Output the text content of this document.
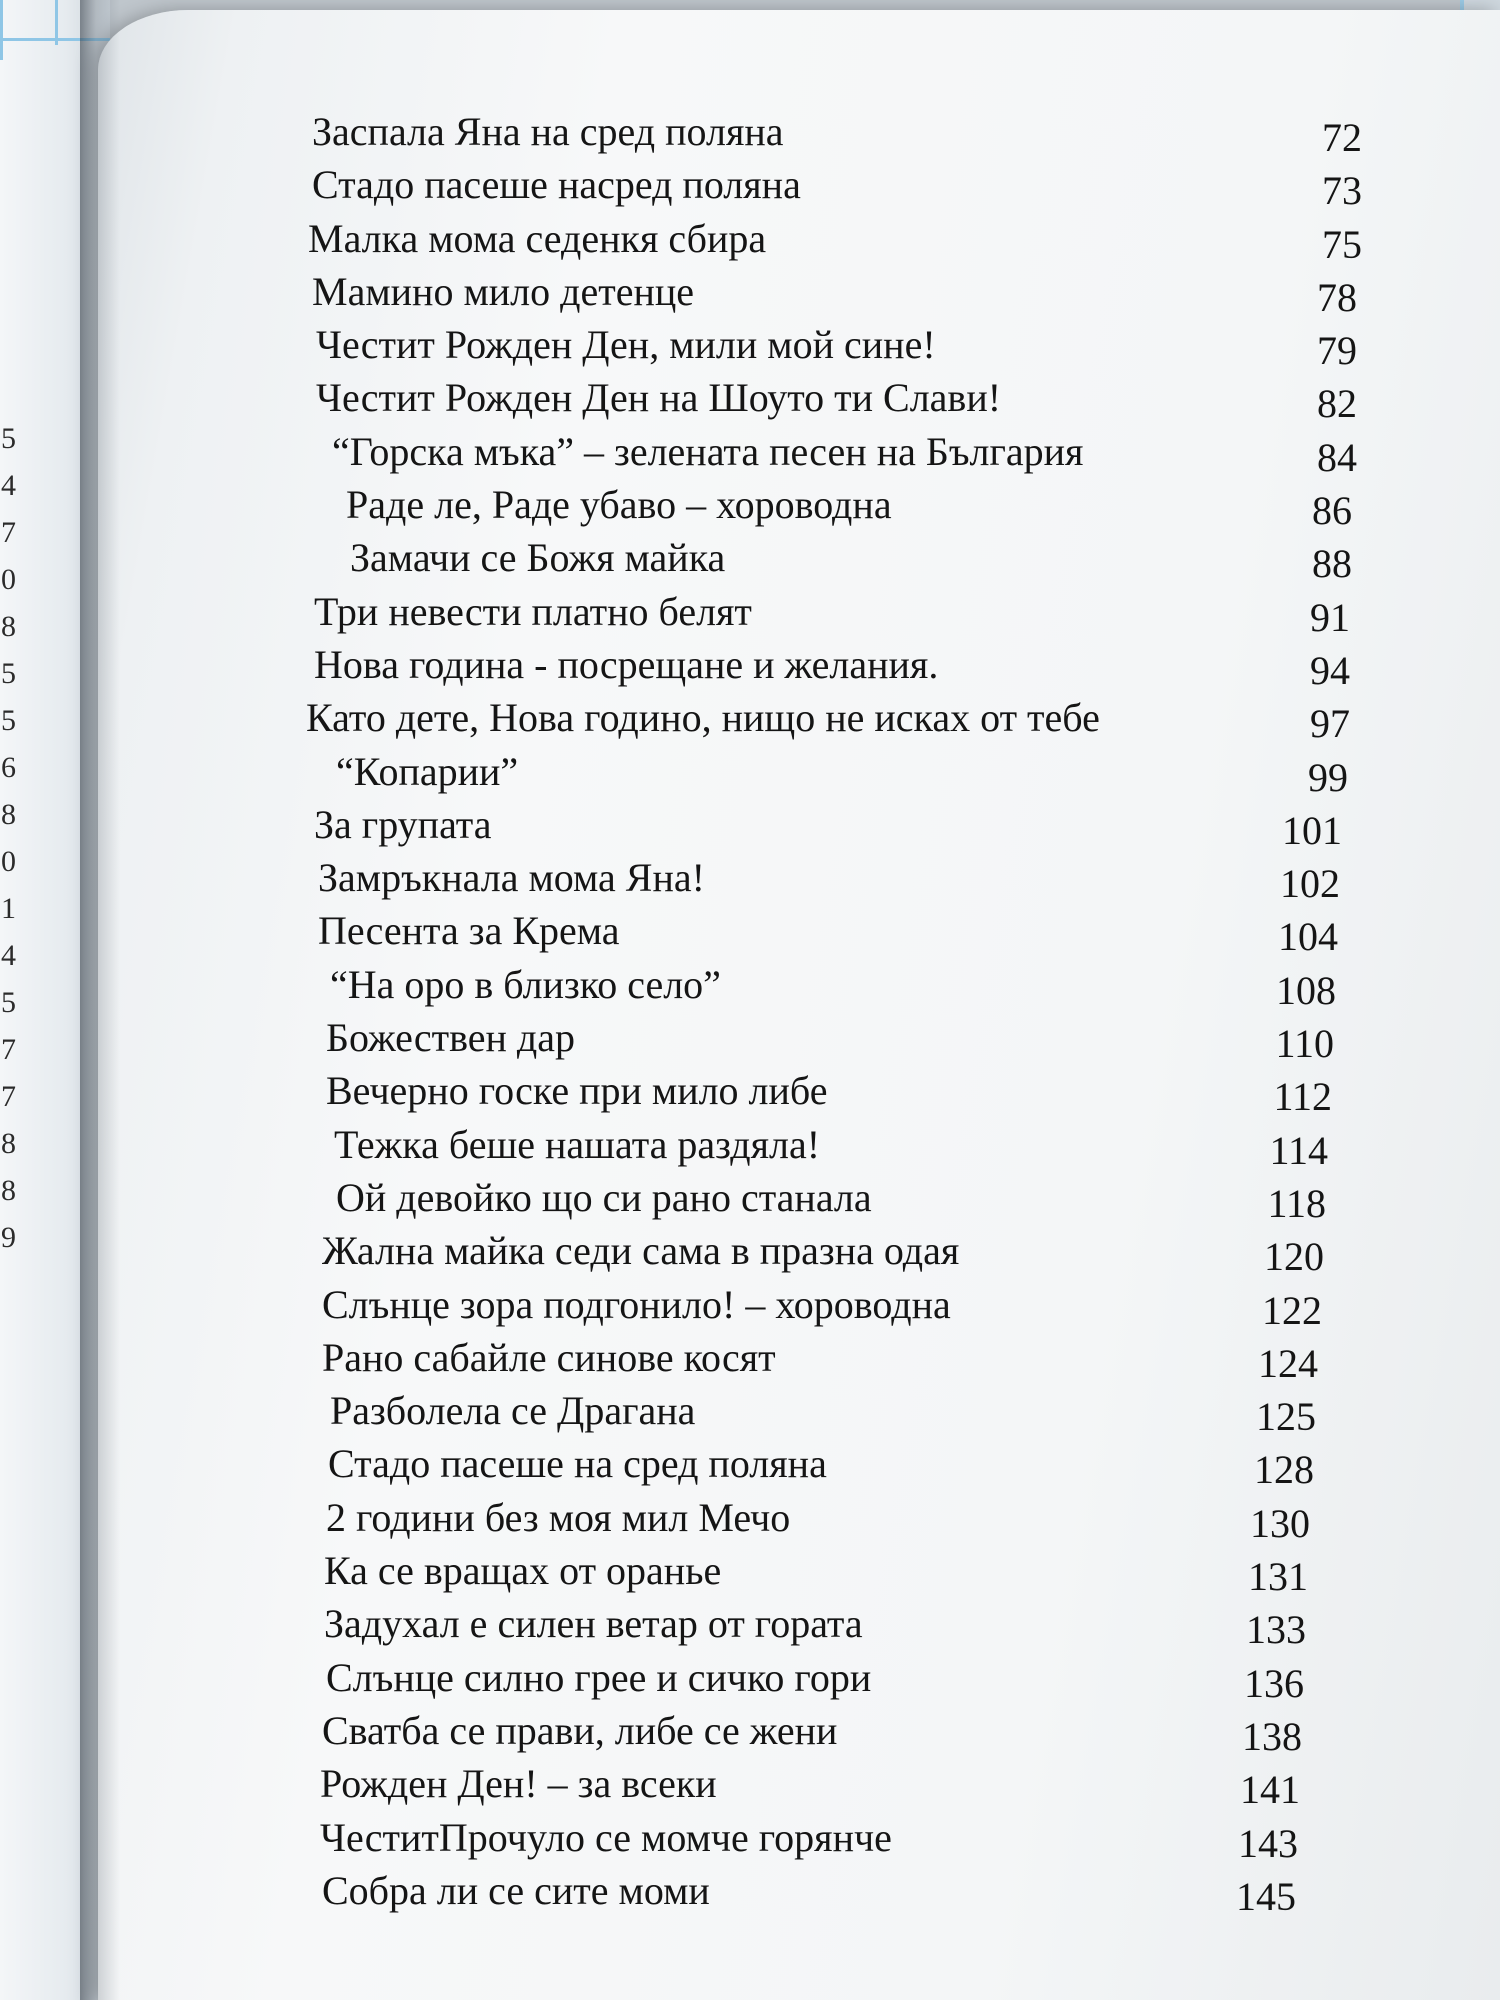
5
4
7
0
8
5
5
6
8
0
1
4
5
7
7
8
8
9
Заспала Яна на сред поляна	72
Стадо пасеше насред поляна	73
Малка мома седенкя сбира	75
Мамино мило детенце	78
Честит Рожден Ден, мили мой сине!	79
Честит Рожден Ден на Шоуто ти Слави!	82
“Горска мъка” – зелената песен на България	84
Раде ле, Раде убаво – хороводна	86
Замачи се Божя майка	88
Три невести платно белят	91
Нова година - посрещане и желания.	94
Като дете, Нова годино, нищо не исках от тебе	97
“Копарии”	99
За групата	101
Замръкнала мома Яна!	102
Песента за Крема	104
“На оро в близко село”	108
Божествен дар	110
Вечерно госке при мило либе	112
Тежка беше нашата раздяла!	114
Ой девойко що си рано станала	118
Жална майка седи сама в празна одая	120
Слънце зора подгонило! – хороводна	122
Рано сабайле синове косят	124
Разболела се Драгана	125
Стадо пасеше на сред поляна	128
2 години без моя мил Мечо	130
Ка се вращах от оранье	131
Задухал е силен ветар от гората	133
Слънце силно грее и сичко гори	136
Сватба се прави, либе се жени	138
Рожден Ден! – за всеки	141
ЧеститПрочуло се момче горянче	143
Собра ли се сите моми	145
